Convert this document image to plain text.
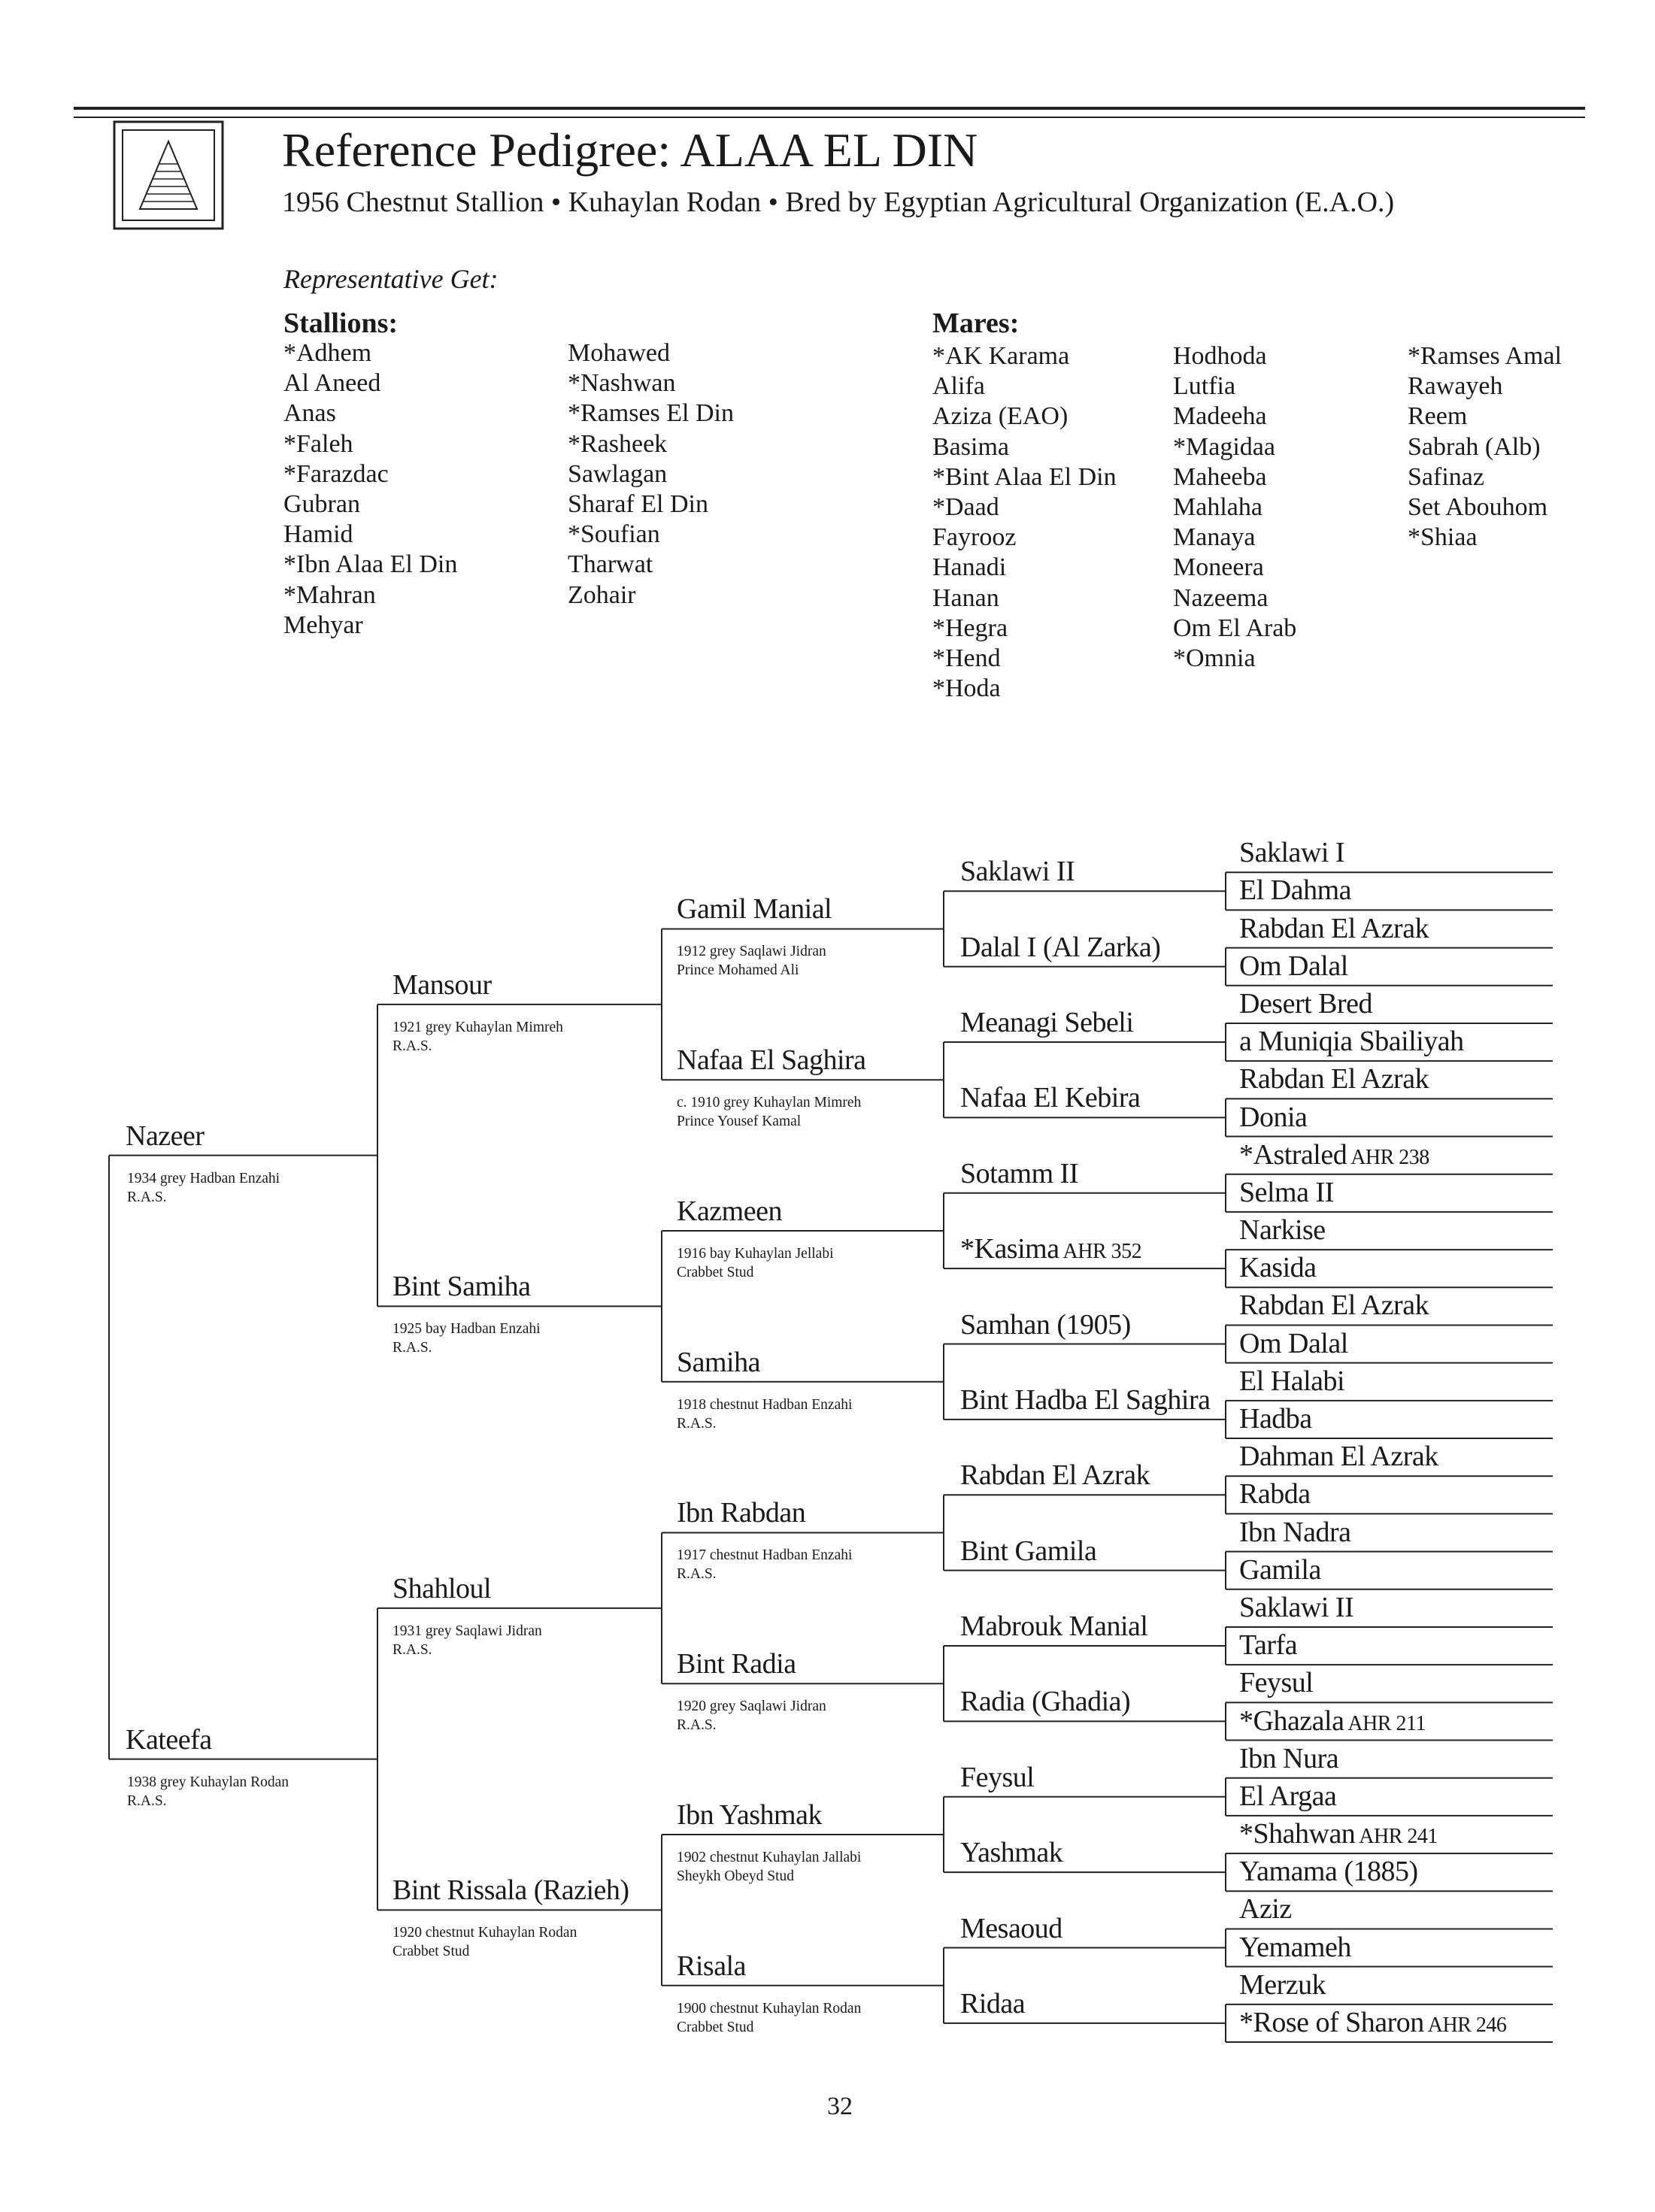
Reference Pedigree: ALAA EL DIN
1956 Chestnut Stallion • Kuhaylan Rodan • Bred by Egyptian Agricultural Organization (E.A.O.)
Representative Get:
Stallions:	Mares:
*Adhem
Al Aneed
Anas
*Faleh
*Farazdac
Gubran
Hamid
*Ibn Alaa El Din
*Mahran
Mehyar
Mohawed
*Nashwan
*Ramses El Din
*Rasheek
Sawlagan
Sharaf El Din
*Soufian
Tharwat
Zohair
*AK Karama
Alifa
Aziza (EAO)
Basima
*Bint Alaa El Din
*Daad
Fayrooz
Hanadi
Hanan
*Hegra
*Hend
*Hoda
Hodhoda
Lutfia
Madeeha
*Magidaa
Maheeba
Mahlaha
Manaya
Moneera
Nazeema
Om El Arab
*Omnia
*Ramses Amal
Rawayeh
Reem
Sabrah (Alb)
Safinaz
Set Abouhom
*Shiaa
Saklawi I
El Dahma
Rabdan El Azrak
Om Dalal
Desert Bred
a Muniqia Sbailiyah
Rabdan El Azrak
Donia
*Astraled AHR 238
Selma II
Narkise
Kasida
Rabdan El Azrak
Om Dalal
El Halabi
Hadba
Dahman El Azrak
Rabda
Ibn Nadra
Gamila
Saklawi II
Tarfa
Feysul
*Ghazala AHR 211
Ibn Nura
El Argaa
*Shahwan AHR 241
Yamama (1885)
Aziz
Yemameh
Merzuk
*Rose of Sharon AHR 246
Saklawi II
Dalal I (Al Zarka)
Meanagi Sebeli
Nafaa El Kebira
Sotamm II
*Kasima AHR 352
Samhan (1905)
Bint Hadba El Saghira
Rabdan El Azrak
Bint Gamila
Mabrouk Manial
Radia (Ghadia)
Feysul
Yashmak
Mesaoud
Ridaa
Gamil Manial
1912 grey Saqlawi Jidran
Prince Mohamed Ali
Nafaa El Saghira
c. 1910 grey Kuhaylan Mimreh
Prince Yousef Kamal
Kazmeen
1916 bay Kuhaylan Jellabi
Crabbet Stud
Samiha
1918 chestnut Hadban Enzahi
R.A.S.
Ibn Rabdan
1917 chestnut Hadban Enzahi
R.A.S.
Bint Radia
1920 grey Saqlawi Jidran
R.A.S.
Ibn Yashmak
1902 chestnut Kuhaylan Jallabi
Sheykh Obeyd Stud
Risala
1900 chestnut Kuhaylan Rodan
Crabbet Stud
Mansour
1921 grey Kuhaylan Mimreh
R.A.S.
Bint Samiha
1925 bay Hadban Enzahi
R.A.S.
Shahloul
1931 grey Saqlawi Jidran
R.A.S.
Bint Rissala (Razieh)
1920 chestnut Kuhaylan Rodan
Crabbet Stud
Nazeer
1934 grey Hadban Enzahi
R.A.S.
Kateefa
1938 grey Kuhaylan Rodan
R.A.S.
32
